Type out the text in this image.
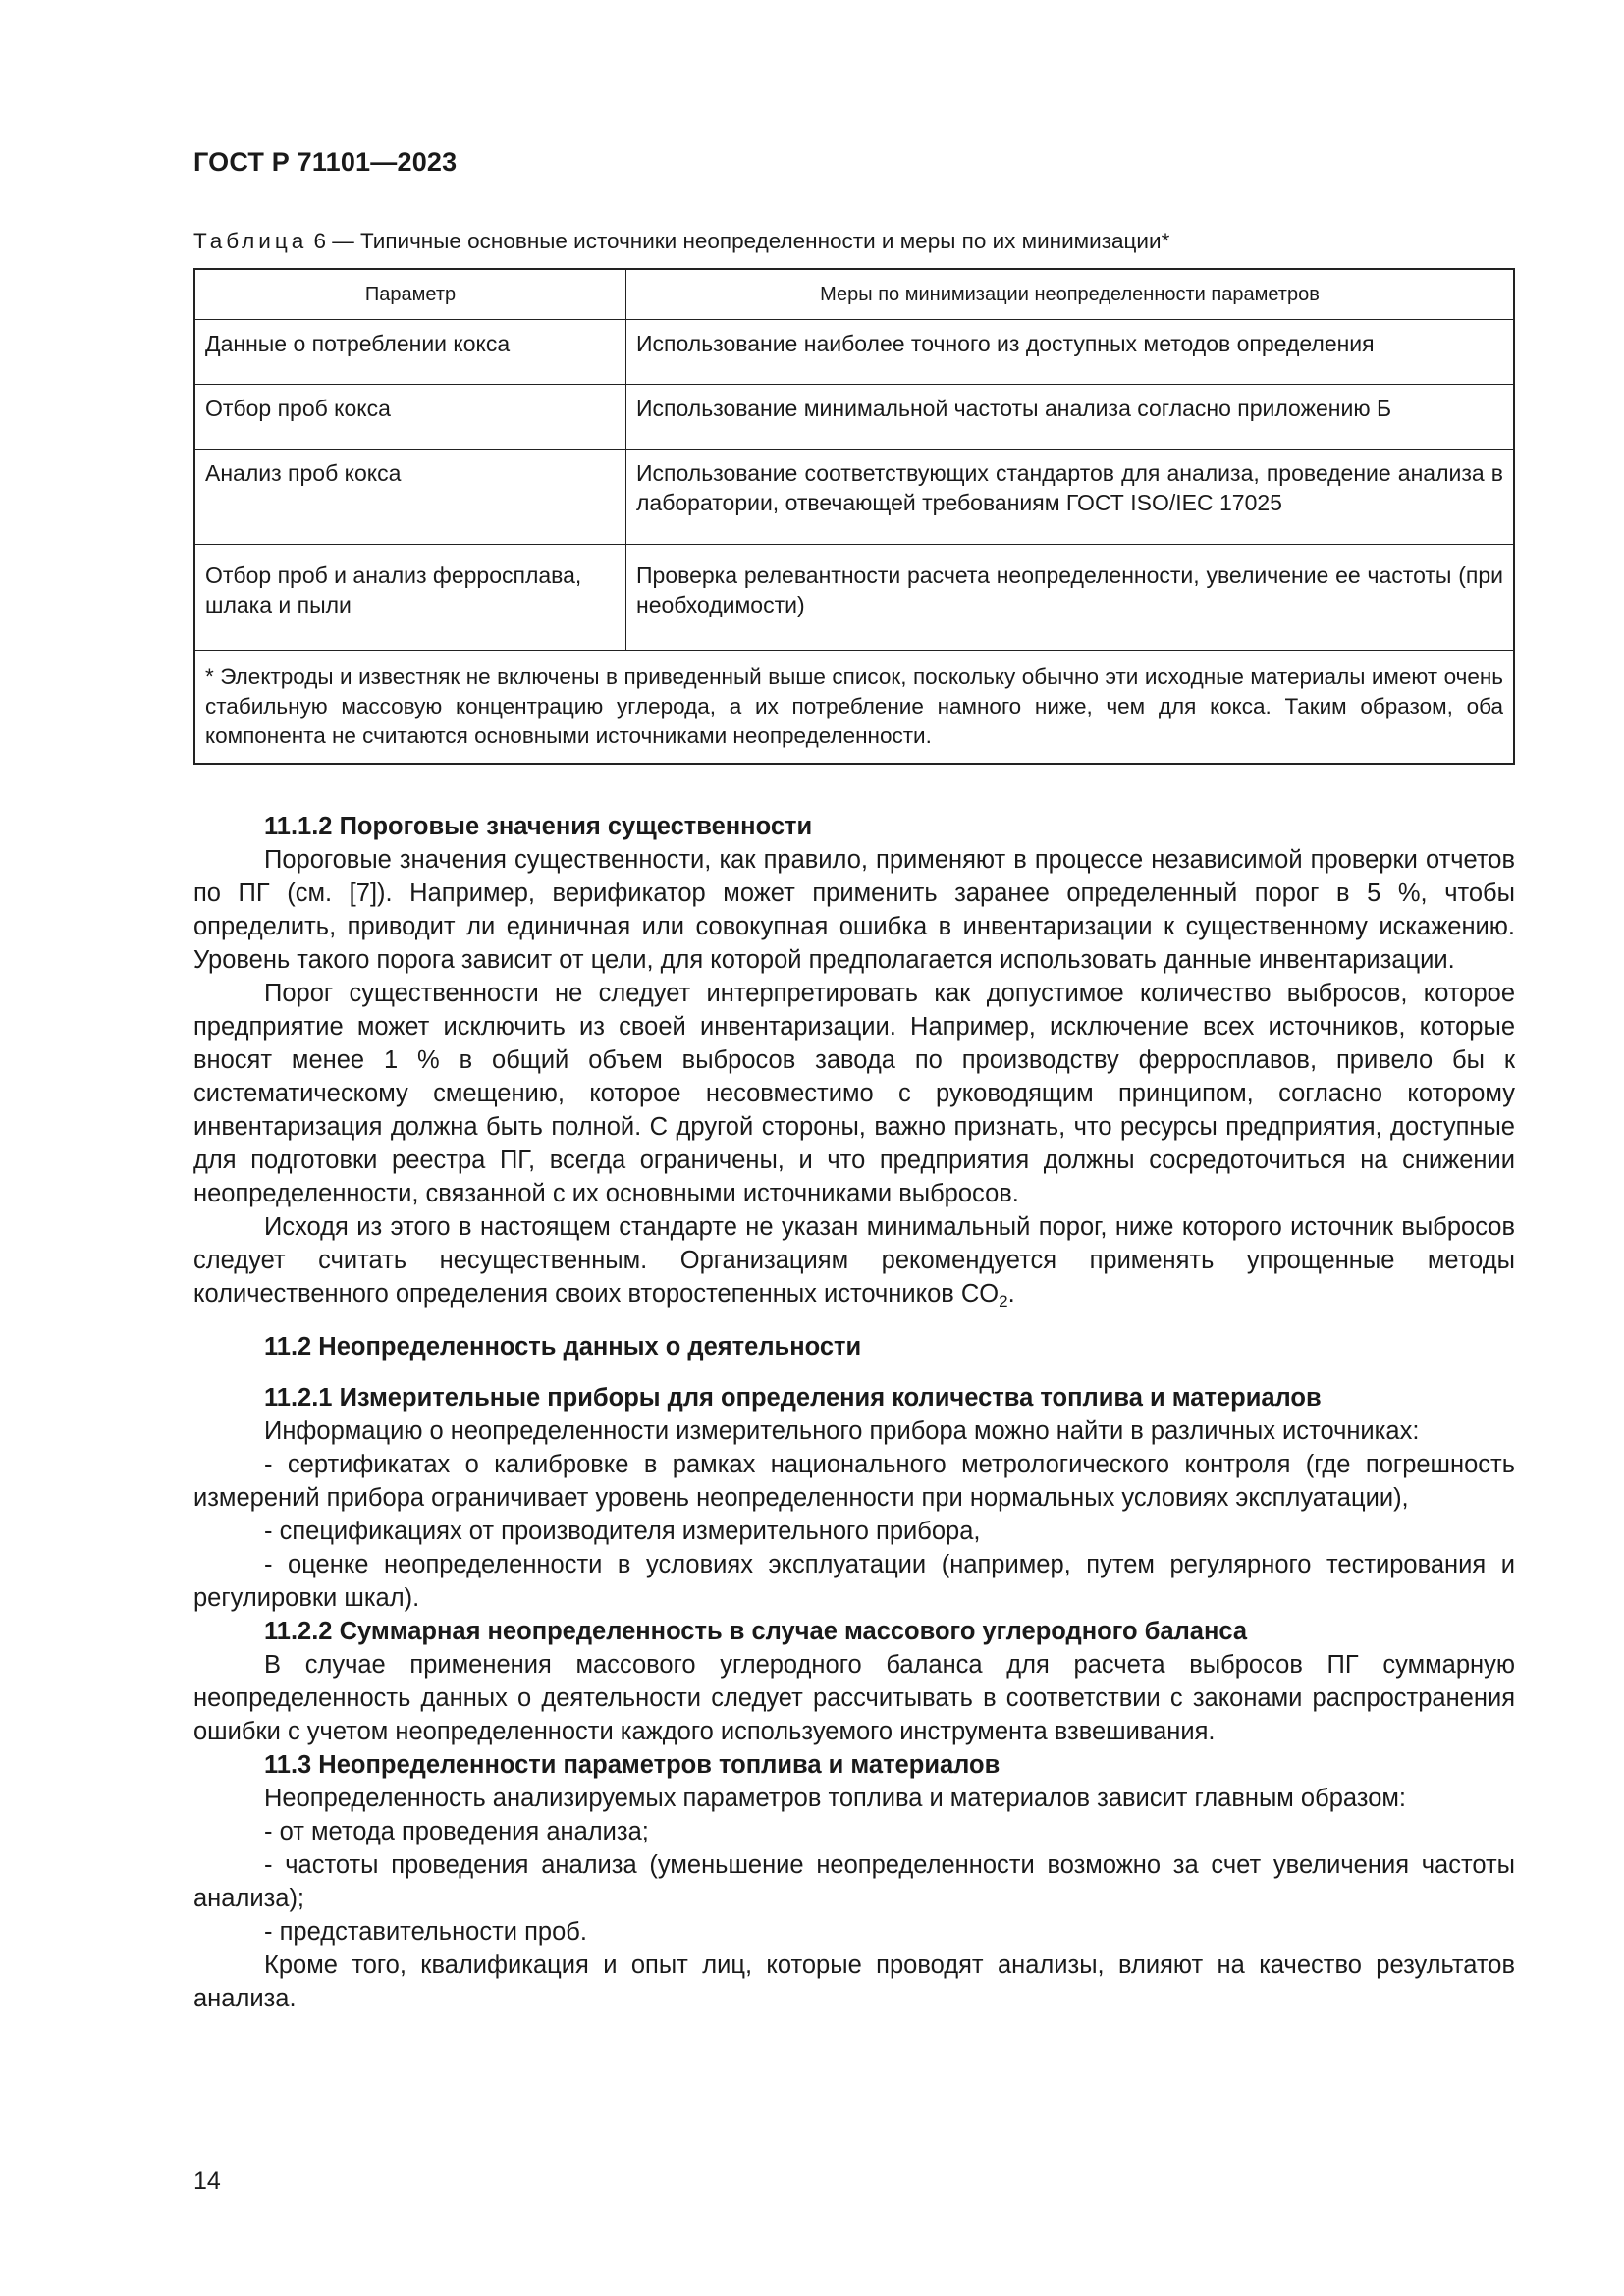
ГОСТ Р 71101—2023
Таблица 6 — Типичные основные источники неопределенности и меры по их минимизации*
Параметр	Меры по минимизации неопределенности параметров
Данные о потреблении кокса	Использование наиболее точного из доступных методов определения
Отбор проб кокса	Использование минимальной частоты анализа согласно приложению Б
Анализ проб кокса	Использование соответствующих стандартов для анализа, проведение анализа в лаборатории, отвечающей требованиям ГОСТ ISO/IEC 17025
Отбор проб и анализ ферросплава, шлака и пыли	Проверка релевантности расчета неопределенности, увеличение ее частоты (при необходимости)
* Электроды и известняк не включены в приведенный выше список, поскольку обычно эти исходные материалы имеют очень стабильную массовую концентрацию углерода, а их потребление намного ниже, чем для кокса. Таким образом, оба компонента не считаются основными источниками неопределенности.	
11.1.2 Пороговые значения существенности

Пороговые значения существенности, как правило, применяют в процессе независимой проверки отчетов по ПГ (см. [7]). Например, верификатор может применить заранее определенный порог в 5 %, чтобы определить, приводит ли единичная или совокупная ошибка в инвентаризации к существенному искажению. Уровень такого порога зависит от цели, для которой предполагается использовать данные инвентаризации.

Порог существенности не следует интерпретировать как допустимое количество выбросов, которое предприятие может исключить из своей инвентаризации. Например, исключение всех источников, которые вносят менее 1 % в общий объем выбросов завода по производству ферросплавов, привело бы к систематическому смещению, которое несовместимо с руководящим принципом, согласно которому инвентаризация должна быть полной. С другой стороны, важно признать, что ресурсы предприятия, доступные для подготовки реестра ПГ, всегда ограничены, и что предприятия должны сосредоточиться на снижении неопределенности, связанной с их основными источниками выбросов.

Исходя из этого в настоящем стандарте не указан минимальный порог, ниже которого источник выбросов следует считать несущественным. Организациям рекомендуется применять упрощенные методы количественного определения своих второстепенных источников $CO_2$.

11.2 Неопределенность данных о деятельности
11.2.1 Измерительные приборы для определения количества топлива и материалов

Информацию о неопределенности измерительного прибора можно найти в различных источниках:

- сертификатах о калибровке в рамках национального метрологического контроля (где погрешность измерений прибора ограничивает уровень неопределенности при нормальных условиях эксплуатации),

- спецификациях от производителя измерительного прибора,

- оценке неопределенности в условиях эксплуатации (например, путем регулярного тестирования и регулировки шкал).

11.2.2 Суммарная неопределенность в случае массового углеродного баланса

В случае применения массового углеродного баланса для расчета выбросов ПГ суммарную неопределенность данных о деятельности следует рассчитывать в соответствии с законами распространения ошибки с учетом неопределенности каждого используемого инструмента взвешивания.

11.3 Неопределенности параметров топлива и материалов

Неопределенность анализируемых параметров топлива и материалов зависит главным образом:

- от метода проведения анализа;

- частоты проведения анализа (уменьшение неопределенности возможно за счет увеличения частоты анализа);

- представительности проб.

Кроме того, квалификация и опыт лиц, которые проводят анализы, влияют на качество результатов анализа.

14
